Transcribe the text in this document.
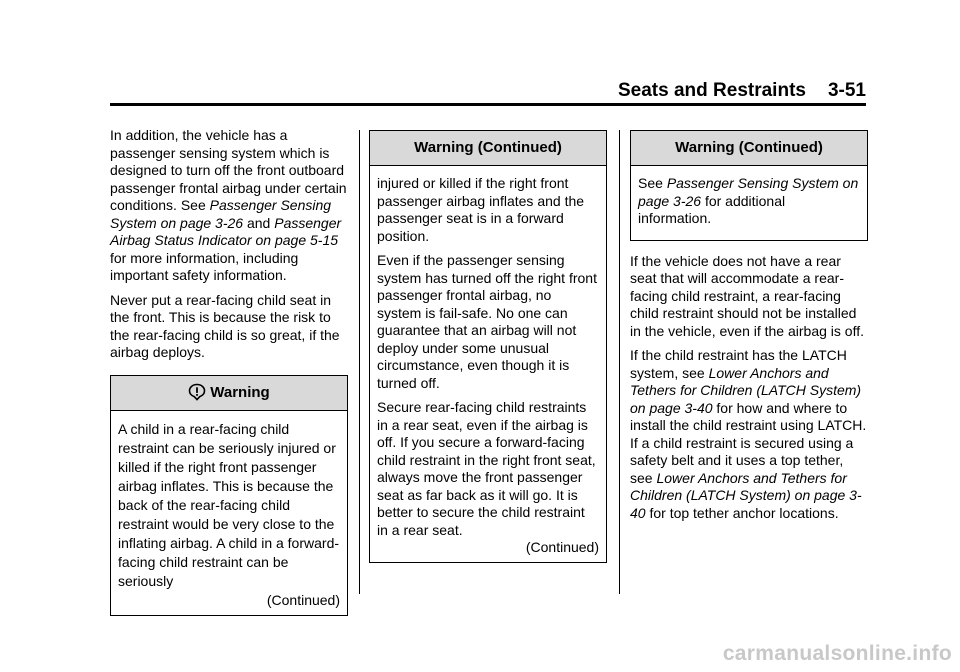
Seats and Restraints 3-51

In addition, the vehicle has a passenger sensing system which is designed to turn off the front outboard passenger frontal airbag under certain conditions. See Passenger Sensing System on page 3-26 and Passenger Airbag Status Indicator on page 5-15 for more information, including important safety information.

Never put a rear-facing child seat in the front. This is because the risk to the rear-facing child is so great, if the airbag deploys.

Warning

A child in a rear-facing child restraint can be seriously injured or killed if the right front passenger airbag inflates. This is because the back of the rear-facing child restraint would be very close to the inflating airbag. A child in a forward-facing child restraint can be seriously

(Continued)
Warning (Continued)

injured or killed if the right front passenger airbag inflates and the passenger seat is in a forward position.

Even if the passenger sensing system has turned off the right front passenger frontal airbag, no system is fail-safe. No one can guarantee that an airbag will not deploy under some unusual circumstance, even though it is turned off.

Secure rear-facing child restraints in a rear seat, even if the airbag is off. If you secure a forward-facing child restraint in the right front seat, always move the front passenger seat as far back as it will go. It is better to secure the child restraint in a rear seat.

(Continued)
Warning (Continued)

See Passenger Sensing System on page 3-26 for additional information.

If the vehicle does not have a rear seat that will accommodate a rear-facing child restraint, a rear-facing child restraint should not be installed in the vehicle, even if the airbag is off.

If the child restraint has the LATCH system, see Lower Anchors and Tethers for Children (LATCH System) on page 3-40 for how and where to install the child restraint using LATCH. If a child restraint is secured using a safety belt and it uses a top tether, see Lower Anchors and Tethers for Children (LATCH System) on page 3-40 for top tether anchor locations.

carmanualsonline.info
